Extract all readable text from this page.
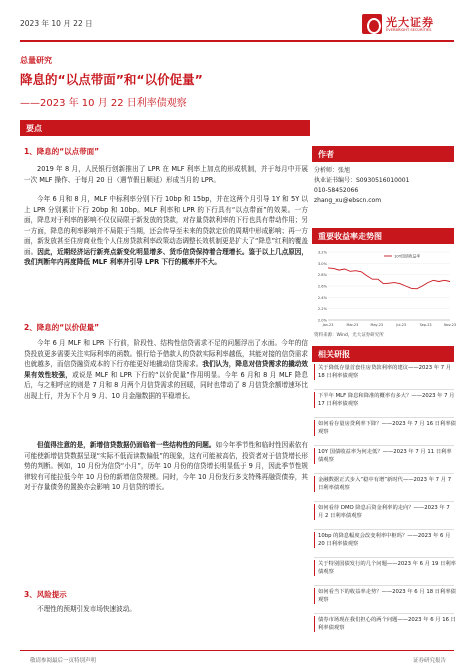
2023 年 10 月 22 日	光大证券
EVERBRIGHT SECURITIES
总量研究
降息的“以点带面”和“以价促量”
——2023 年 10 月 22 日利率债观察
要点
1、降息的“以点带面”
2019 年 8 月，人民银行创新推出了 LPR 在 MLF 利率上加点的形成机制，并于每月中开展一次 MLF 操作、于每月 20 日（遇节假日顺延）形成当月的 LPR。
今年 6 月和 8 月，MLF 中标利率分别下行 10bp 和 15bp，并在这两个月引导 1Y 和 5Y 以上 LPR 分别累计下行 20bp 和 10bp。MLF 利率和 LPR 的下行具有“以点带面”的效果。一方面，降息对于利率的影响不仅仅局限于新发放的贷款，对存量贷款利率的下行也具有带动作用；另一方面，降息的利率影响并不局限于当期，还会传导至未来的贷款定价的周期中形成影响；再一方面，新发放甚至住房商业性个人住房贷款利率政策动态调整长效机制更是扩大了“降息”红利的覆盖面。因此，近期经济运行新亮点新变化明显增多、货币信贷保持着合理增长。鉴于以上几点原因，我们判断年内再度降低 MLF 利率并引导 LPR 下行的概率并不大。
2、降息的“以价促量”
今年 6 月 MLF 和 LPR 下行前，阶段性、结构性信贷需求不足的问题浮出了水面。今年的信贷投放更多需要关注实际利率的函数。银行给予借款人的贷款实际利率越低，其能对接的信贷需求也就越多，而信贷融资成本的下行亦能更好地撬动信贷需求。我们认为，降息对信贷需求的撬动效果有效性较强，或说是 MLF 和 LPR 下行的“以价促量”作用明显。今年 6 月和 8 月 MLF 降息后，与之相呼应的则是 7 月和 8 月两个月信贷需求的回暖，同时也带动了 8 月信贷余额增速环比出现上行，并为下个月 9 月、10 月金融数据的平稳增长。
但值得注意的是，新增信贷数据仍面临着一些结构性的问题。如今年季节性和临时性因素依有可能使新增信贷数据呈现“实际不低而读数偏低”的现象，这有可能被高估，投资者对于信贷增长形势的判断。例如，10 月份为信贷“小月”，历年 10 月份的信贷增长明显低于 9 月，因此季节性规律较有可能拉低今年 10 月份的新增信贷规模。同时，今年 10 月份发行多支特殊再融资债券，其对于存量债务的置换亦会影响 10 月信贷的增长。
3、风险提示
不理性的预期引发市场快速波动。
作者
分析师：张旭
执业证书编号：S0930516010001
010-58452066
zhang_xu@ebscn.com
重要收益率走势图
2.0%
2.2%
2.4%
2.6%
2.8%
3.0%
3.2%
Jan-23	Mar-23	May-23	Jul-23	Sep-23	Nov-23
10Y国债收益率
资料来源：Wind，光大证券研究所
相关研报
关于降低存量首套住房贷款利率的建议——2023 年 7 月 18 日利率债观察
下半年 MLF 降息和降准的概率有多大？——2023 年 7 月 17 日利率债观察
如何看存量房贷利率下降？——2023 年 7 月 16 日利率债观察
10Y 国债收益率为何走低？——2023 年 7 月 11 日利率债观察
金融数据正式步入“稳中有增”新时代——2023 年 7 月 7 日利率债观察
如何看待 DMO 降息后资金利率的走向？——2023 年 7 月 2 日利率债观察
10bp 的降息幅度会改变利率中枢吗？——2023 年 6 月 20 日利率债观察
关于特别国债发行的几个问题——2023 年 6 月 19 日利率债观察
如何看当下的收益率走势？——2023 年 6 月 18 日利率债观察
债券市场现在我们担心的两个问题——2023 年 6 月 16 日利率债观察
敬请参阅最后一页特别声明	证券研究报告
